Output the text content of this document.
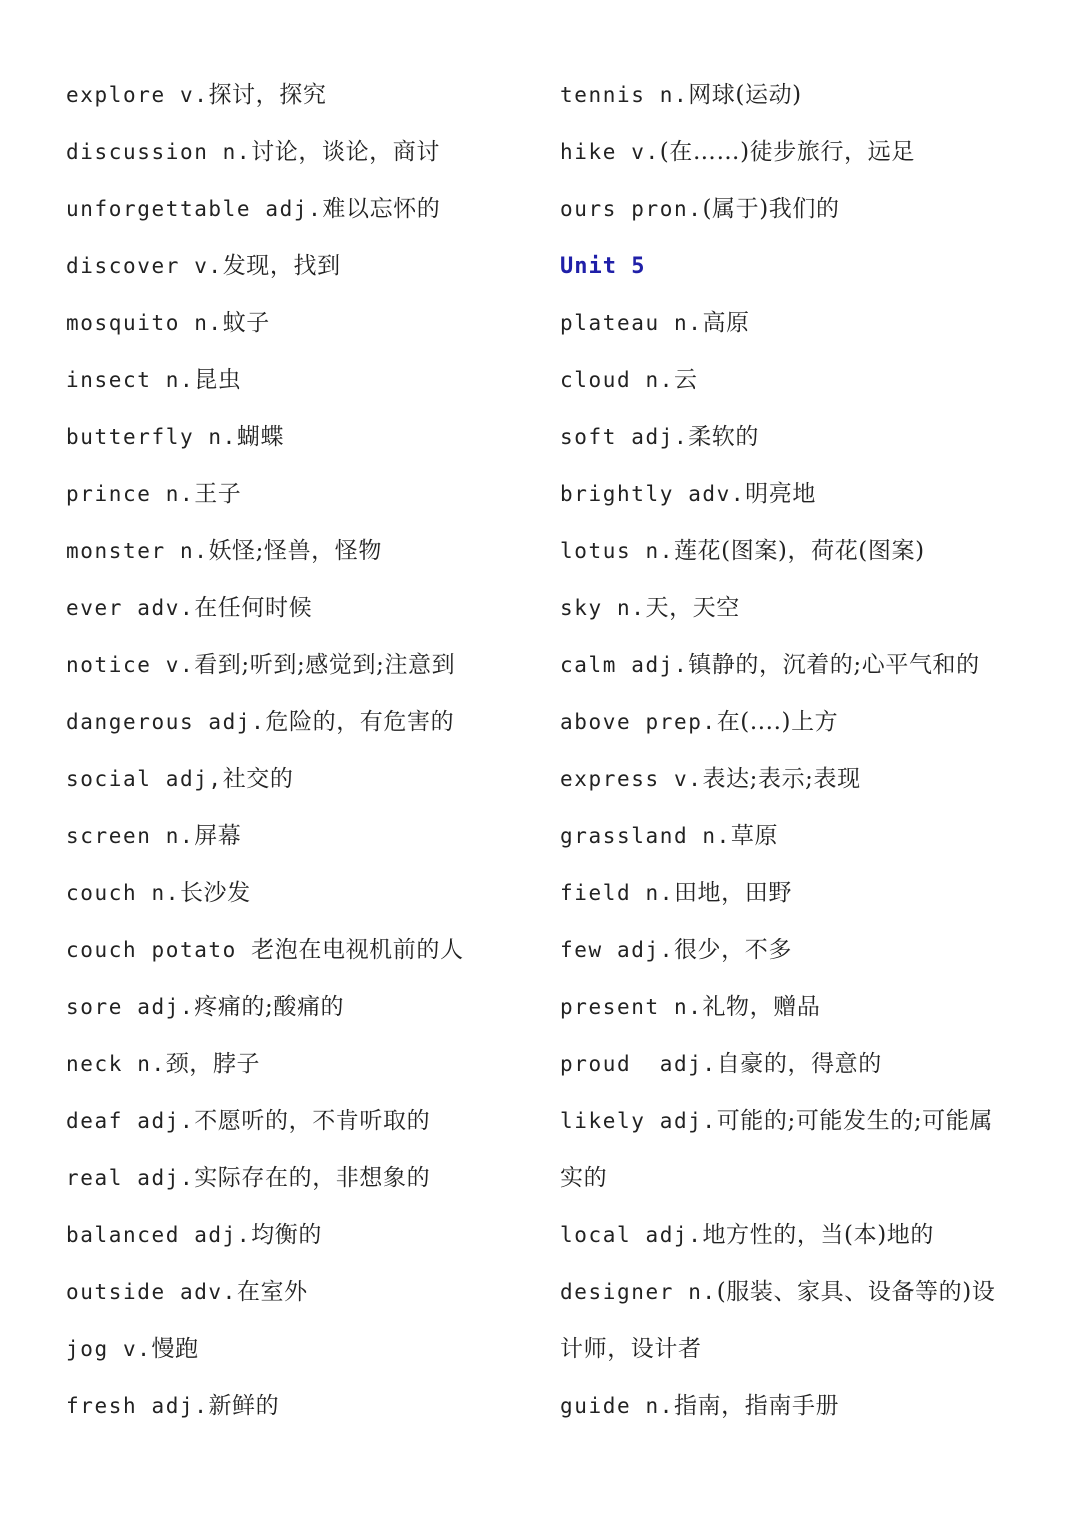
explore v.探讨，探究
discussion n.讨论，谈论，商讨
unforgettable adj.难以忘怀的
discover v.发现，找到
mosquito n.蚊子
insect n.昆虫
butterfly n.蝴蝶
prince n.王子
monster n.妖怪;怪兽，怪物
ever adv.在任何时候
notice v.看到;听到;感觉到;注意到
dangerous adj.危险的，有危害的
social adj,社交的
screen n.屏幕
couch n.长沙发
couch potato 老泡在电视机前的人
sore adj.疼痛的;酸痛的
neck n.颈，脖子
deaf adj.不愿听的，不肯听取的
real adj.实际存在的，非想象的
balanced adj.均衡的
outside adv.在室外
jog v.慢跑
fresh adj.新鲜的
tennis n.网球(运动)
hike v.(在……)徒步旅行，远足
ours pron.(属于)我们的
Unit 5
plateau n.高原
cloud n.云
soft adj.柔软的
brightly adv.明亮地
lotus n.莲花(图案)，荷花(图案)
sky n.天，天空
calm adj.镇静的，沉着的;心平气和的
above prep.在(....)上方
express v.表达;表示;表现
grassland n.草原
field n.田地，田野
few adj.很少，不多
present n.礼物，赠品
proud  adj.自豪的，得意的
likely adj.可能的;可能发生的;可能属
实的
local adj.地方性的，当(本)地的
designer n.(服装、家具、设备等的)设
计师，设计者
guide n.指南，指南手册
